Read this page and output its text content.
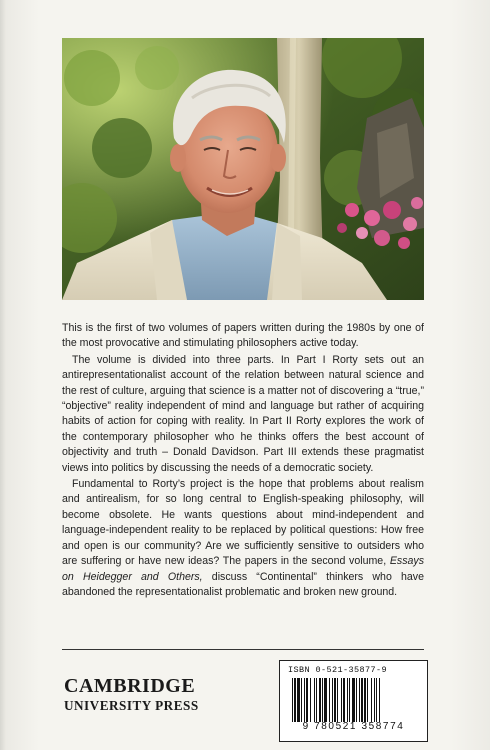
This is the first of two volumes of papers written during the 1980s by one of the most provocative and stimulating philosophers active today.

The volume is divided into three parts. In Part I Rorty sets out an antirepresentationalist account of the relation between natural science and the rest of culture, arguing that science is a matter not of discovering a “true,” “objective” reality independent of mind and language but rather of acquiring habits of action for coping with reality. In Part II Rorty explores the work of the contemporary philosopher who he thinks offers the best account of objectivity and truth – Donald Davidson. Part III extends these pragmatist views into politics by discussing the needs of a democratic society.

Fundamental to Rorty’s project is the hope that problems about realism and antirealism, for so long central to English-speaking philosophy, will become obsolete. He wants questions about mind-independent and language-independent reality to be replaced by political questions: How free and open is our community? Are we sufficiently sensitive to outsiders who are suffering or have new ideas? The papers in the second volume, Essays on Heidegger and Others, discuss “Continental” thinkers who have abandoned the representationalist problematic and broken new ground.

CAMBRIDGE
UNIVERSITY PRESS
ISBN 0-521-35877-9
9 780521 358774
